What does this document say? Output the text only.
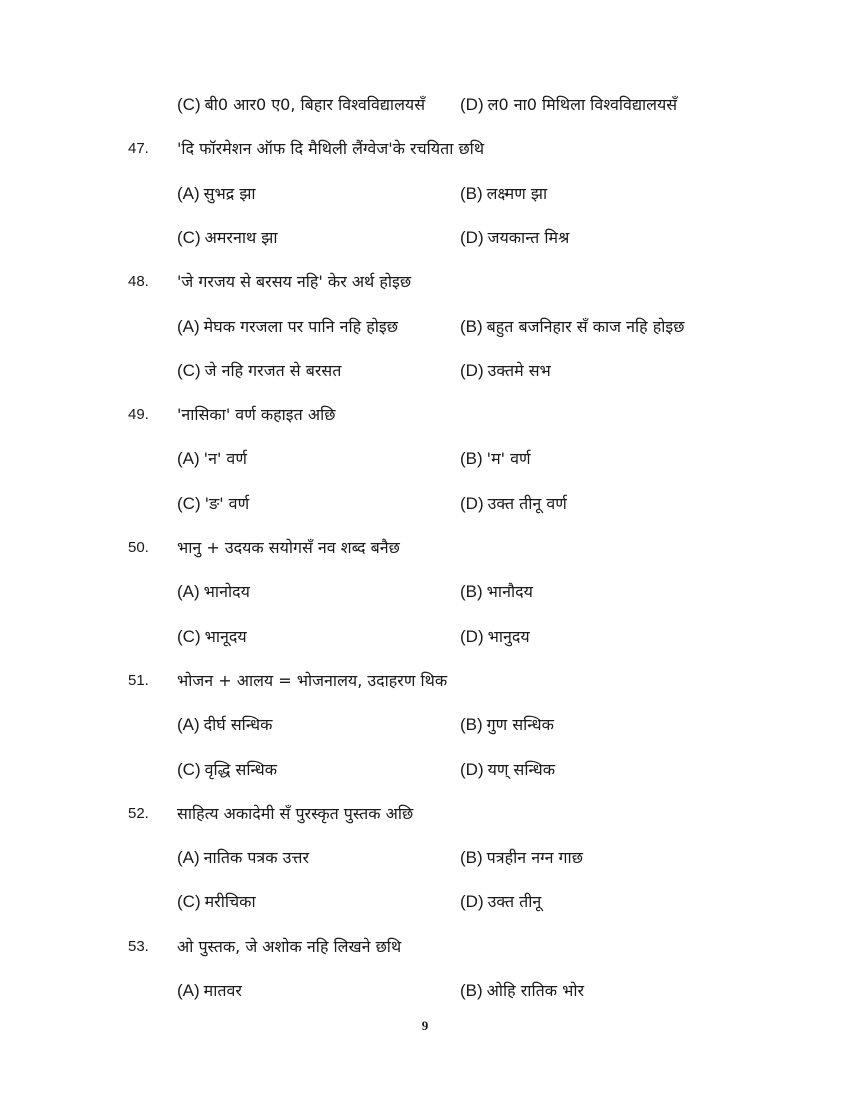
(C) बी0 आर0 ए0, बिहार विश्वविद्यालयसँ (D) ल0 ना0 मिथिला विश्वविद्यालयसँ
47. 'दि फॉरमेशन ऑफ दि मैथिली लैंग्वेज'के रचयिता छथि
(A) सुभद्र झा	(B) लक्ष्मण झा
(C) अमरनाथ झा	(D) जयकान्त मिश्र
48. 'जे गरजय से बरसय नहि' केर अर्थ होइछ
(A) मेघक गरजला पर पानि नहि होइछ	(B) बहुत बजनिहार सँ काज नहि होइछ
(C) जे नहि गरजत से बरसत	(D) उक्तमे सभ
49. 'नासिका' वर्ण कहाइत अछि
(A) 'न' वर्ण	(B) 'म' वर्ण
(C) 'ङ' वर्ण	(D) उक्त तीनू वर्ण
50. भानु + उदयक सयोगसँ नव शब्द बनैछ
(A) भानोदय	(B) भानौदय
(C) भानूदय	(D) भानुदय
51. भोजन + आलय = भोजनालय, उदाहरण थिक
(A) दीर्घ सन्धिक	(B) गुण सन्धिक
(C) वृद्धि सन्धिक	(D) यण् सन्धिक
52. साहित्य अकादेमी सँ पुरस्कृत पुस्तक अछि
(A) नातिक पत्रक उत्तर	(B) पत्रहीन नग्न गाछ
(C) मरीचिका	(D) उक्त तीनू
53. ओ पुस्तक, जे अशोक नहि लिखने छथि
(A) मातवर	(B) ओहि रातिक भोर
9
